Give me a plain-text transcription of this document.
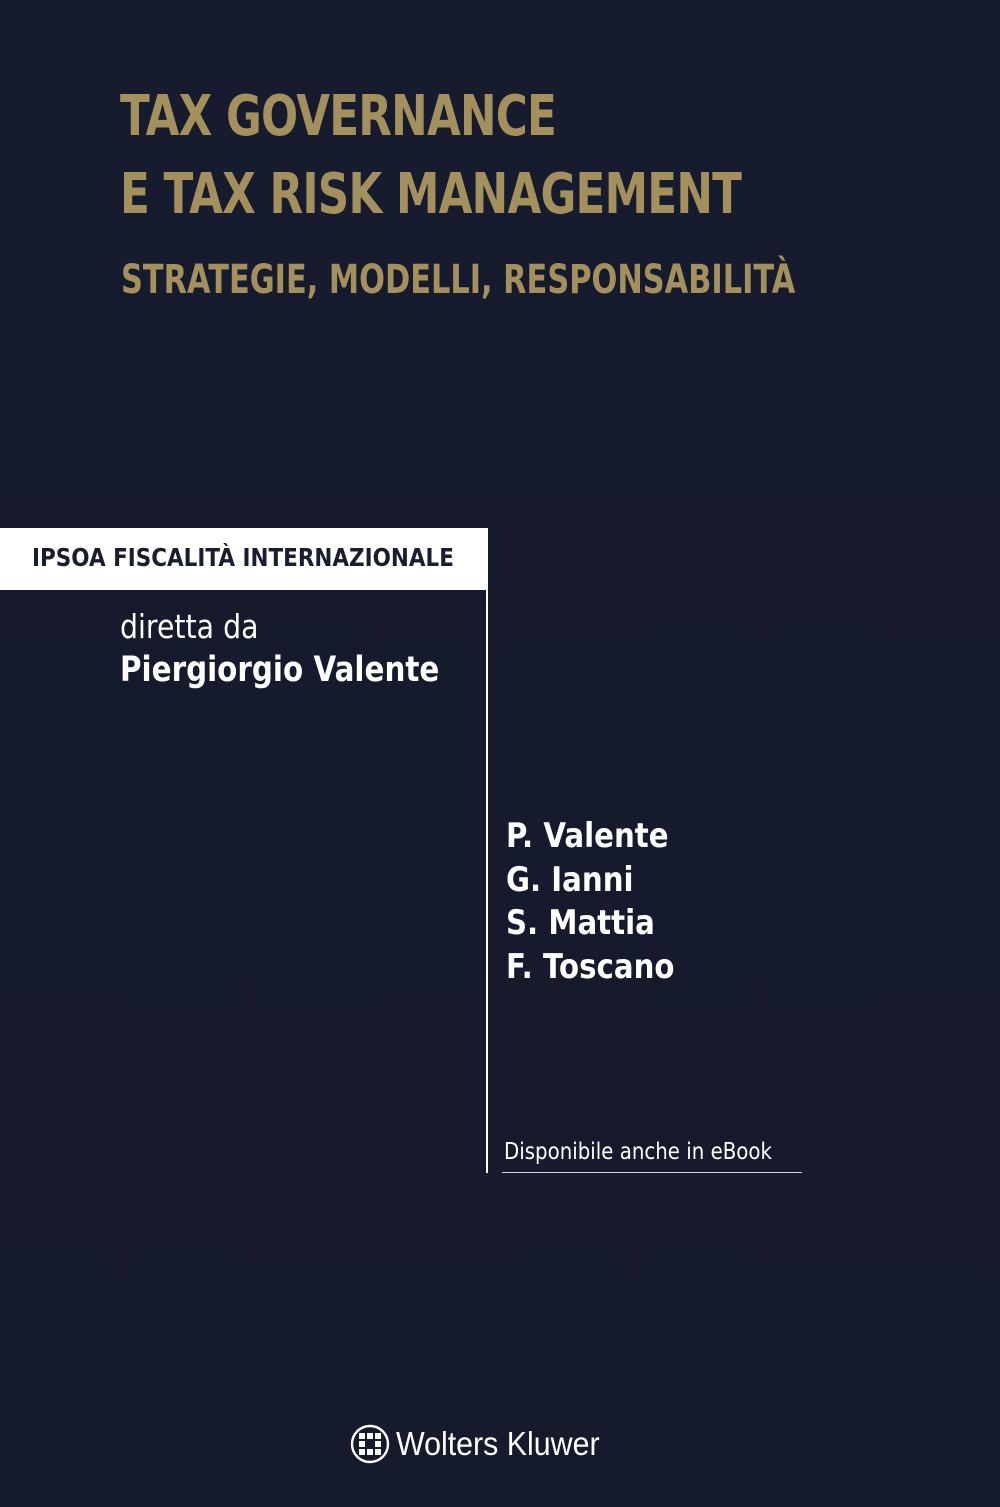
TAX GOVERNANCE
E TAX RISK MANAGEMENT
STRATEGIE, MODELLI, RESPONSABILITÀ
IPSOA FISCALITÀ INTERNAZIONALE
diretta da
Piergiorgio Valente
P. Valente
G. Ianni
S. Mattia
F. Toscano
Disponibile anche in eBook
Wolters Kluwer
